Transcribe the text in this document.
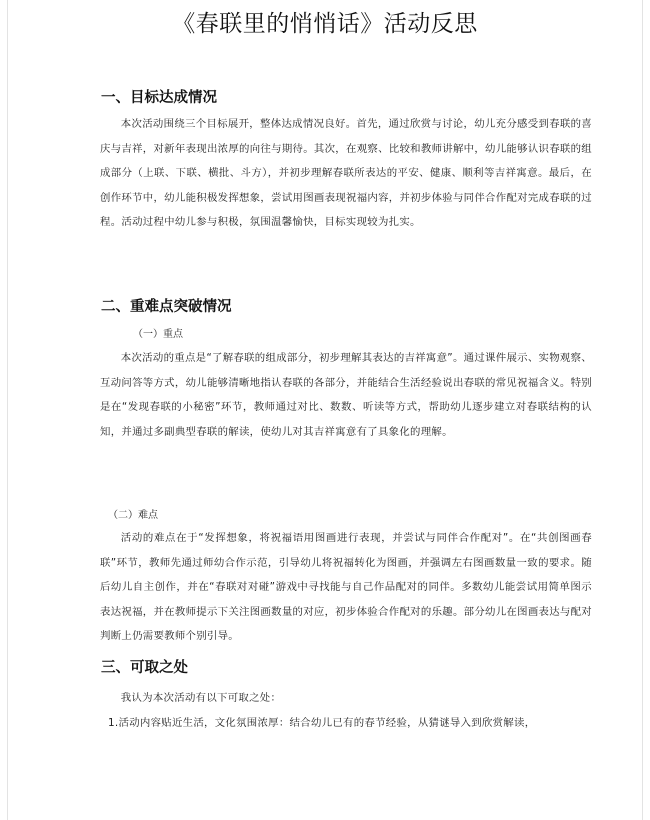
《春联里的悄悄话》活动反思
一、目标达成情况
本次活动围绕三个目标展开，整体达成情况良好。首先，通过欣赏与讨论，幼儿充分感受到春联的喜庆与吉祥，对新年表现出浓厚的向往与期待。其次，在观察、比较和教师讲解中，幼儿能够认识春联的组成部分（上联、下联、横批、斗方），并初步理解春联所表达的平安、健康、顺利等吉祥寓意。最后，在创作环节中，幼儿能积极发挥想象，尝试用图画表现祝福内容，并初步体验与同伴合作配对完成春联的过程。活动过程中幼儿参与积极，氛围温馨愉快，目标实现较为扎实。
二、重难点突破情况
（一）重点
本次活动的重点是“了解春联的组成部分，初步理解其表达的吉祥寓意”。通过课件展示、实物观察、互动问答等方式，幼儿能够清晰地指认春联的各部分，并能结合生活经验说出春联的常见祝福含义。特别是在“发现春联的小秘密”环节，教师通过对比、数数、听读等方式，帮助幼儿逐步建立对春联结构的认知，并通过多副典型春联的解读，使幼儿对其吉祥寓意有了具象化的理解。
（二）难点
活动的难点在于“发挥想象，将祝福语用图画进行表现，并尝试与同伴合作配对”。在“共创图画春联”环节，教师先通过师幼合作示范，引导幼儿将祝福转化为图画，并强调左右图画数量一致的要求。随后幼儿自主创作，并在“春联对对碰”游戏中寻找能与自己作品配对的同伴。多数幼儿能尝试用简单图示表达祝福，并在教师提示下关注图画数量的对应，初步体验合作配对的乐趣。部分幼儿在图画表达与配对判断上仍需要教师个别引导。
三、可取之处
我认为本次活动有以下可取之处：
1.活动内容贴近生活，文化氛围浓厚：结合幼儿已有的春节经验，从猜谜导入到欣赏解读，
